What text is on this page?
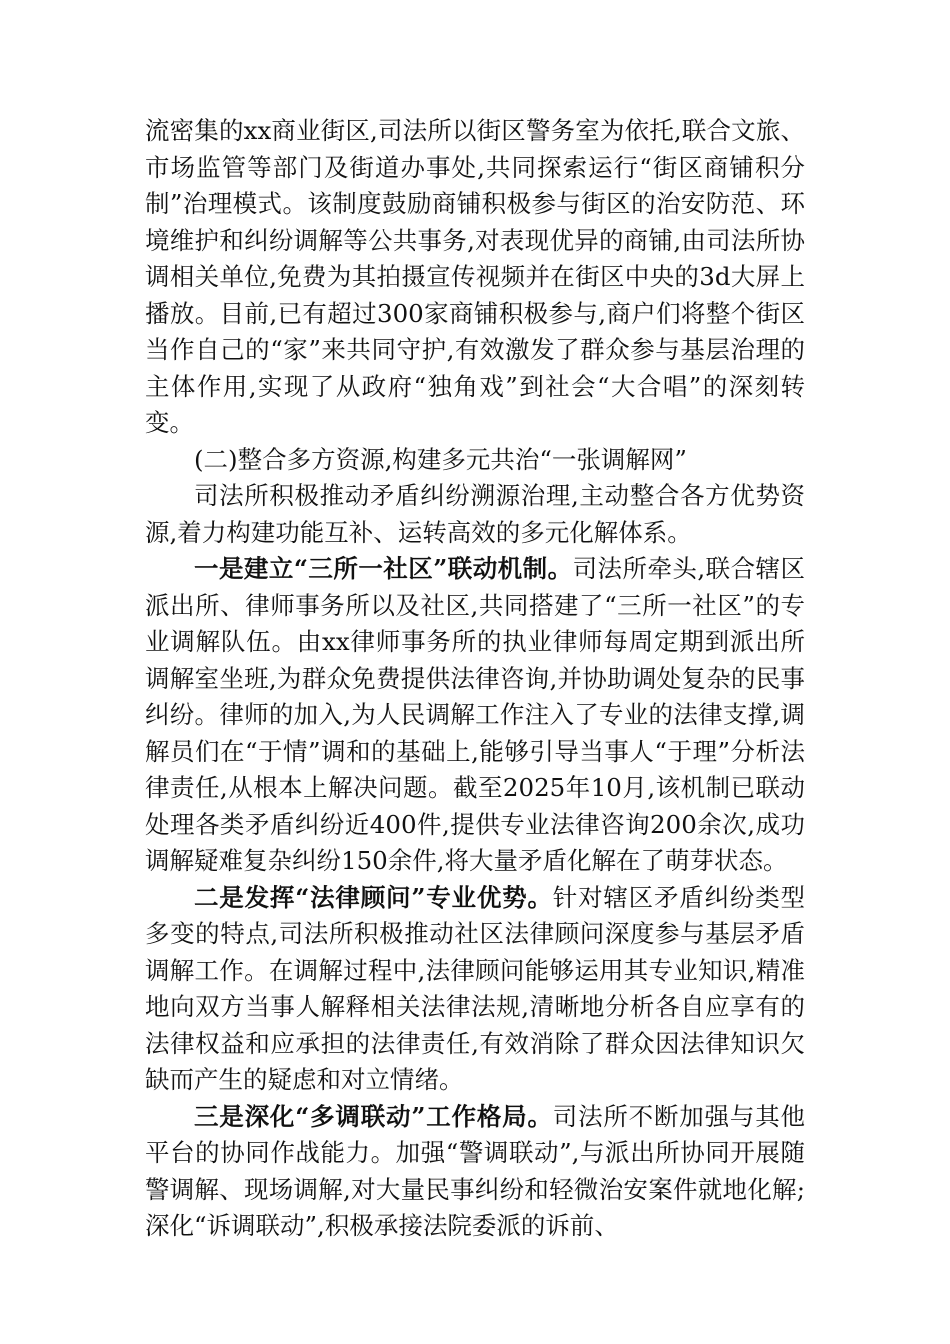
流密集的xx商业街区,司法所以街区警务室为依托,联合文旅、市场监管等部门及街道办事处,共同探索运行“街区商铺积分制”治理模式。该制度鼓励商铺积极参与街区的治安防范、环境维护和纠纷调解等公共事务,对表现优异的商铺,由司法所协调相关单位,免费为其拍摄宣传视频并在街区中央的3d大屏上播放。目前,已有超过300家商铺积极参与,商户们将整个街区当作自己的“家”来共同守护,有效激发了群众参与基层治理的主体作用,实现了从政府“独角戏”到社会“大合唱”的深刻转变。

(二)整合多方资源,构建多元共治“一张调解网”

司法所积极推动矛盾纠纷溯源治理,主动整合各方优势资源,着力构建功能互补、运转高效的多元化解体系。

一是建立“三所一社区”联动机制。司法所牵头,联合辖区派出所、律师事务所以及社区,共同搭建了“三所一社区”的专业调解队伍。由xx律师事务所的执业律师每周定期到派出所调解室坐班,为群众免费提供法律咨询,并协助调处复杂的民事纠纷。律师的加入,为人民调解工作注入了专业的法律支撑,调解员们在“于情”调和的基础上,能够引导当事人“于理”分析法律责任,从根本上解决问题。截至2025年10月,该机制已联动处理各类矛盾纠纷近400件,提供专业法律咨询200余次,成功调解疑难复杂纠纷150余件,将大量矛盾化解在了萌芽状态。

二是发挥“法律顾问”专业优势。针对辖区矛盾纠纷类型多变的特点,司法所积极推动社区法律顾问深度参与基层矛盾调解工作。在调解过程中,法律顾问能够运用其专业知识,精准地向双方当事人解释相关法律法规,清晰地分析各自应享有的法律权益和应承担的法律责任,有效消除了群众因法律知识欠缺而产生的疑虑和对立情绪。

三是深化“多调联动”工作格局。司法所不断加强与其他平台的协同作战能力。加强“警调联动”,与派出所协同开展随警调解、现场调解,对大量民事纠纷和轻微治安案件就地化解;深化“诉调联动”,积极承接法院委派的诉前、
